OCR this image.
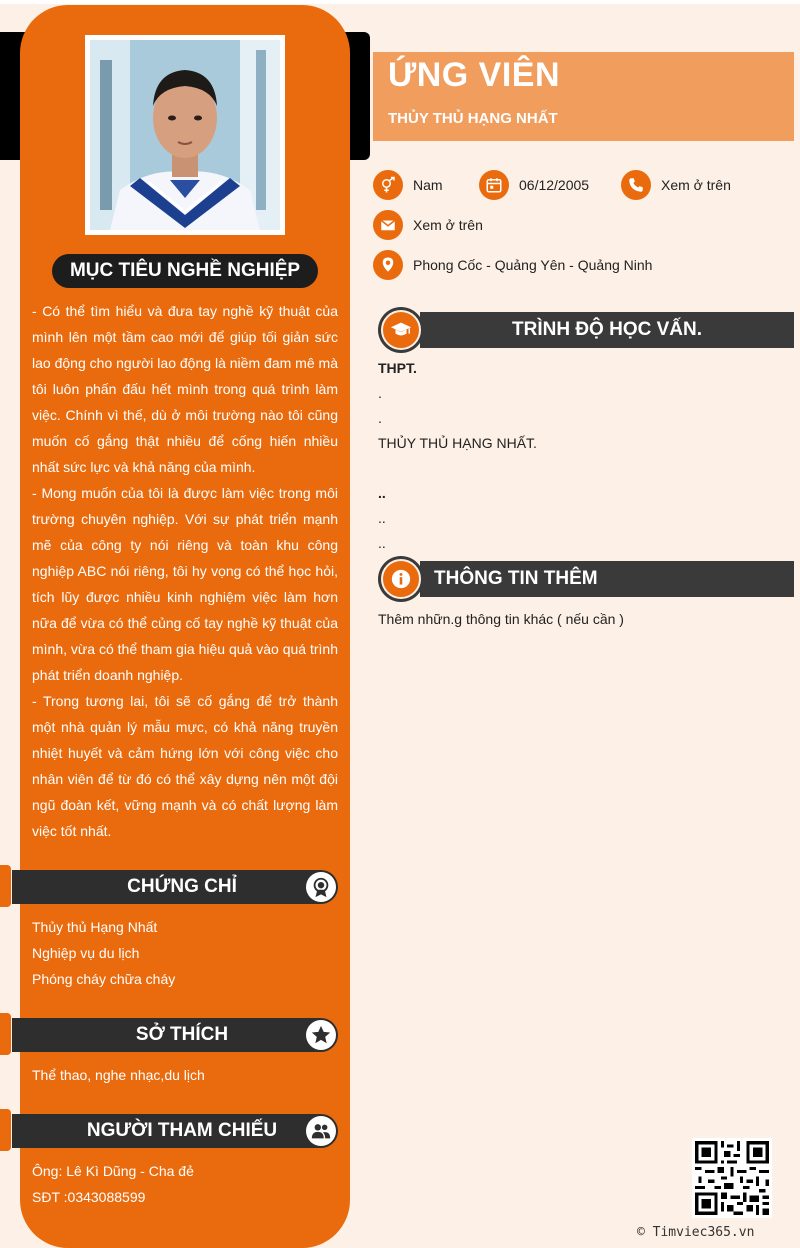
MỤC TIÊU NGHỀ NGHIỆP

- Có thể tìm hiểu và đưa tay nghề kỹ thuật của mình lên một tầm cao mới để giúp tối giản sức lao động cho người lao động là niềm đam mê mà tôi luôn phấn đấu hết mình trong quá trình làm việc. Chính vì thế, dù ở môi trường nào tôi cũng muốn cố gắng thật nhiều để cống hiến nhiều nhất sức lực và khả năng của mình.

- Mong muốn của tôi là được làm việc trong môi trường chuyên nghiệp. Với sự phát triển mạnh mẽ của công ty nói riêng và toàn khu công nghiệp ABC nói riêng, tôi hy vọng có thể học hỏi, tích lũy được nhiều kinh nghiệm việc làm hơn nữa để vừa có thể củng cố tay nghề kỹ thuật của mình, vừa có thể tham gia hiệu quả vào quá trình phát triển doanh nghiệp.

- Trong tương lai, tôi sẽ cố gắng để trở thành một nhà quản lý mẫu mực, có khả năng truyền nhiệt huyết và cảm hứng lớn với công việc cho nhân viên để từ đó có thể xây dựng nên một đội ngũ đoàn kết, vững mạnh và có chất lượng làm việc tốt nhất.

CHỨNG CHỈ
Thủy thủ Hạng Nhất
Nghiệp vụ du lịch
Phóng cháy chữa cháy
SỞ THÍCH
Thể thao, nghe nhạc,du lịch
NGƯỜI THAM CHIẾU
Ông: Lê Kì Dũng - Cha đẻ
SĐT :0343088599
ỨNG VIÊN
THỦY THỦ HẠNG NHẤT
Nam	06/12/2005	Xem ở trên
Xem ở trên
Phong Cốc - Quảng Yên - Quảng Ninh
TRÌNH ĐỘ HỌC VẤN.
THPT.
.
.
THỦY THỦ HẠNG NHẤT.
..
..
..
THÔNG TIN THÊM
Thêm nhữn.g thông tin khác ( nếu cần )
© Timviec365.vn
